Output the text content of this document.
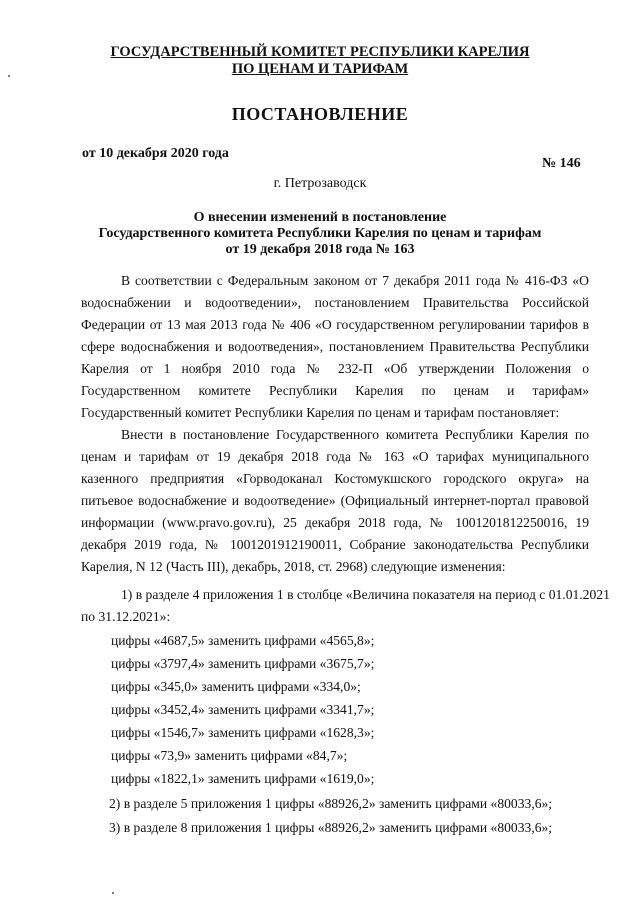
ГОСУДАРСТВЕННЫЙ КОМИТЕТ РЕСПУБЛИКИ КАРЕЛИЯ
ПО ЦЕНАМ И ТАРИФАМ
ПОСТАНОВЛЕНИЕ
от 10 декабря 2020 года
№ 146
г. Петрозаводск
О внесении изменений в постановление
Государственного комитета Республики Карелия по ценам и тарифам
от 19 декабря 2018 года № 163

В соответствии с Федеральным законом от 7 декабря 2011 года № 416-ФЗ «О водоснабжении и водоотведении», постановлением Правительства Российской Федерации от 13 мая 2013 года № 406 «О государственном регулировании тарифов в сфере водоснабжения и водоотведения», постановлением Правительства Республики Карелия от 1 ноября 2010 года № 232-П «Об утверждении Положения о Государственном комитете Республики Карелия по ценам и тарифам» Государственный комитет Республики Карелия по ценам и тарифам постановляет:

Внести в постановление Государственного комитета Республики Карелия по ценам и тарифам от 19 декабря 2018 года № 163 «О тарифах муниципального казенного предприятия «Горводоканал Костомукшского городского округа» на питьевое водоснабжение и водоотведение» (Официальный интернет-портал правовой информации (www.pravo.gov.ru), 25 декабря 2018 года, № 1001201812250016, 19 декабря 2019 года, № 1001201912190011, Собрание законодательства Республики Карелия, N 12 (Часть III), декабрь, 2018, ст. 2968) следующие изменения:

1) в разделе 4 приложения 1 в столбце «Величина показателя на период с 01.01.2021
по 31.12.2021»:
цифры «4687,5» заменить цифрами «4565,8»;
цифры «3797,4» заменить цифрами «3675,7»;
цифры «345,0» заменить цифрами «334,0»;
цифры «3452,4» заменить цифрами «3341,7»;
цифры «1546,7» заменить цифрами «1628,3»;
цифры «73,9» заменить цифрами «84,7»;
цифры «1822,1» заменить цифрами «1619,0»;
2) в разделе 5 приложения 1 цифры «88926,2» заменить цифрами «80033,6»;
3) в разделе 8 приложения 1 цифры «88926,2» заменить цифрами «80033,6»;
